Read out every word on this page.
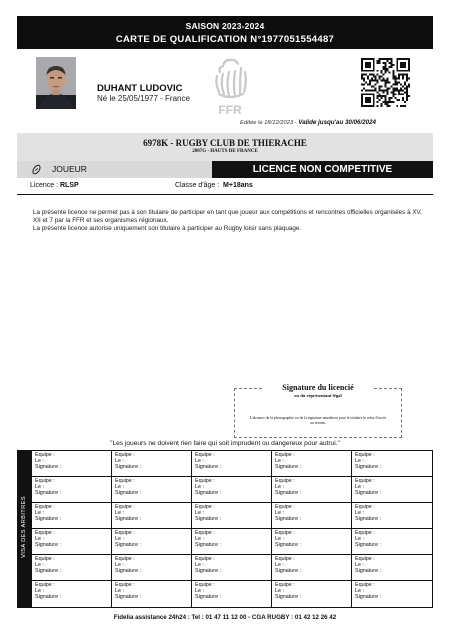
SAISON 2023-2024
CARTE DE QUALIFICATION N°1977051554487
DUHANT LUDOVIC
Né le 25/05/1977 - France
FFR
Editée le 18/12/2023 - Valide jusqu'au 30/06/2024
6978K - RUGBY CLUB DE THIERACHE
2007G - HAUTS DE FRANCE
JOUEUR	LICENCE NON COMPETITIVE
Licence : RLSP	Classe d'âge : M+18ans
La présente licence ne permet pas à son titulaire de participer en tant que joueur aux compétitions et rencontres officielles organisées à XV, XII et 7 par la FFR et ses organismes régionaux.
La présente licence autorise uniquement son titulaire à participer au Rugby loisir sans plaquage.
Signature du licencié
ou du représentant légal
L'absence de la photographie ou de la signature entraînera pour le titulaire le refus d'accès au terrain.
"Les joueurs ne doivent rien faire qui soit imprudent ou dangereux pour autrui."
VISA DES ARBITRES
Equipe :
Le :
Signature :
Equipe :
Le :
Signature :
Equipe :
Le :
Signature :
Equipe :
Le :
Signature :
Equipe :
Le :
Signature :
Equipe :
Le :
Signature :
Equipe :
Le :
Signature :
Equipe :
Le :
Signature :
Equipe :
Le :
Signature :
Equipe :
Le :
Signature :
Equipe :
Le :
Signature :
Equipe :
Le :
Signature :
Equipe :
Le :
Signature :
Equipe :
Le :
Signature :
Equipe :
Le :
Signature :
Equipe :
Le :
Signature :
Equipe :
Le :
Signature :
Equipe :
Le :
Signature :
Equipe :
Le :
Signature :
Equipe :
Le :
Signature :
Equipe :
Le :
Signature :
Equipe :
Le :
Signature :
Equipe :
Le :
Signature :
Equipe :
Le :
Signature :
Equipe :
Le :
Signature :
Equipe :
Le :
Signature :
Equipe :
Le :
Signature :
Equipe :
Le :
Signature :
Equipe :
Le :
Signature :
Equipe :
Le :
Signature :
Fidelia assistance 24h24 : Tel : 01 47 11 12 00 - CGA RUGBY : 01 42 12 26 42
